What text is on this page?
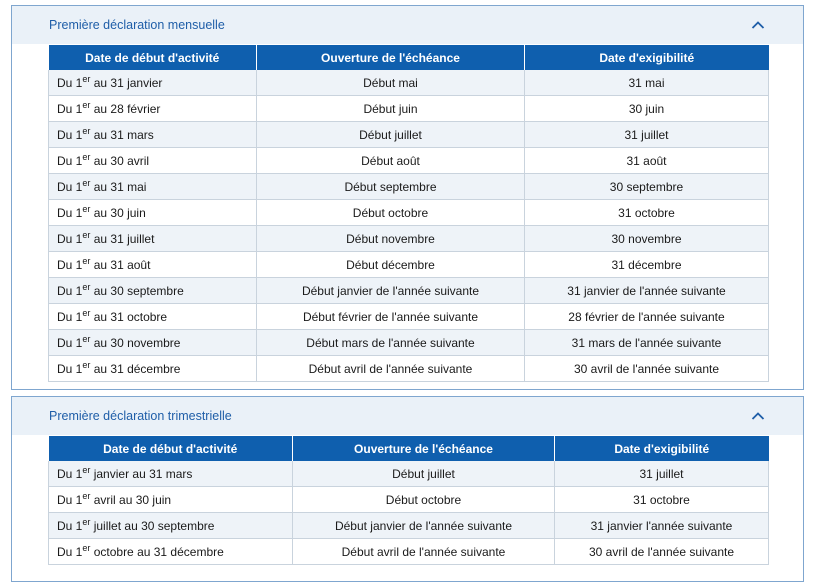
Première déclaration mensuelle
Date de début d'activité	Ouverture de l'échéance	Date d'exigibilité
Du 1er au 31 janvier	Début mai	31 mai
Du 1er au 28 février	Début juin	30 juin
Du 1er au 31 mars	Début juillet	31 juillet
Du 1er au 30 avril	Début août	31 août
Du 1er au 31 mai	Début septembre	30 septembre
Du 1er au 30 juin	Début octobre	31 octobre
Du 1er au 31 juillet	Début novembre	30 novembre
Du 1er au 31 août	Début décembre	31 décembre
Du 1er au 30 septembre	Début janvier de l'année suivante	31 janvier de l'année suivante
Du 1er au 31 octobre	Début février de l'année suivante	28 février de l'année suivante
Du 1er au 30 novembre	Début mars de l'année suivante	31 mars de l'année suivante
Du 1er au 31 décembre	Début avril de l'année suivante	30 avril de l'année suivante
Première déclaration trimestrielle
Date de début d'activité	Ouverture de l'échéance	Date d'exigibilité
Du 1er janvier au 31 mars	Début juillet	31 juillet
Du 1er avril au 30 juin	Début octobre	31 octobre
Du 1er juillet au 30 septembre	Début janvier de l'année suivante	31 janvier l'année suivante
Du 1er octobre au 31 décembre	Début avril de l'année suivante	30 avril de l'année suivante
